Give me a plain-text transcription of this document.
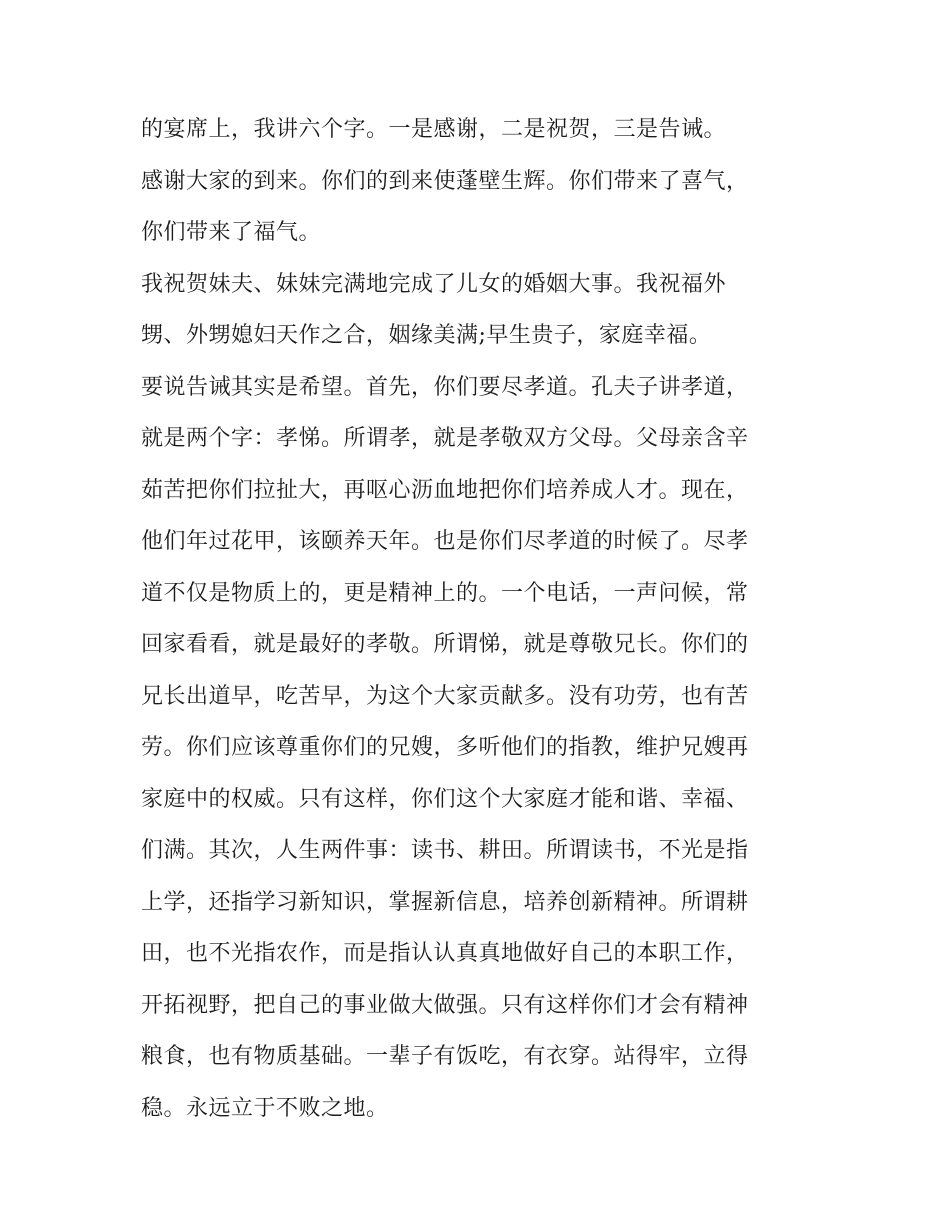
的宴席上，我讲六个字。一是感谢，二是祝贺，三是告诫。
感谢大家的到来。你们的到来使蓬壁生辉。你们带来了喜气，
你们带来了福气。
我祝贺妹夫、妹妹完满地完成了儿女的婚姻大事。我祝福外
甥、外甥媳妇天作之合，姻缘美满;早生贵子，家庭幸福。
要说告诫其实是希望。首先，你们要尽孝道。孔夫子讲孝道，
就是两个字：孝悌。所谓孝，就是孝敬双方父母。父母亲含辛
茹苦把你们拉扯大，再呕心沥血地把你们培养成人才。现在，
他们年过花甲，该颐养天年。也是你们尽孝道的时候了。尽孝
道不仅是物质上的，更是精神上的。一个电话，一声问候，常
回家看看，就是最好的孝敬。所谓悌，就是尊敬兄长。你们的
兄长出道早，吃苦早，为这个大家贡献多。没有功劳，也有苦
劳。你们应该尊重你们的兄嫂，多听他们的指教，维护兄嫂再
家庭中的权威。只有这样，你们这个大家庭才能和谐、幸福、
们满。其次，人生两件事：读书、耕田。所谓读书，不光是指
上学，还指学习新知识，掌握新信息，培养创新精神。所谓耕
田，也不光指农作，而是指认认真真地做好自己的本职工作，
开拓视野，把自己的事业做大做强。只有这样你们才会有精神
粮食，也有物质基础。一辈子有饭吃，有衣穿。站得牢，立得
稳。永远立于不败之地。
